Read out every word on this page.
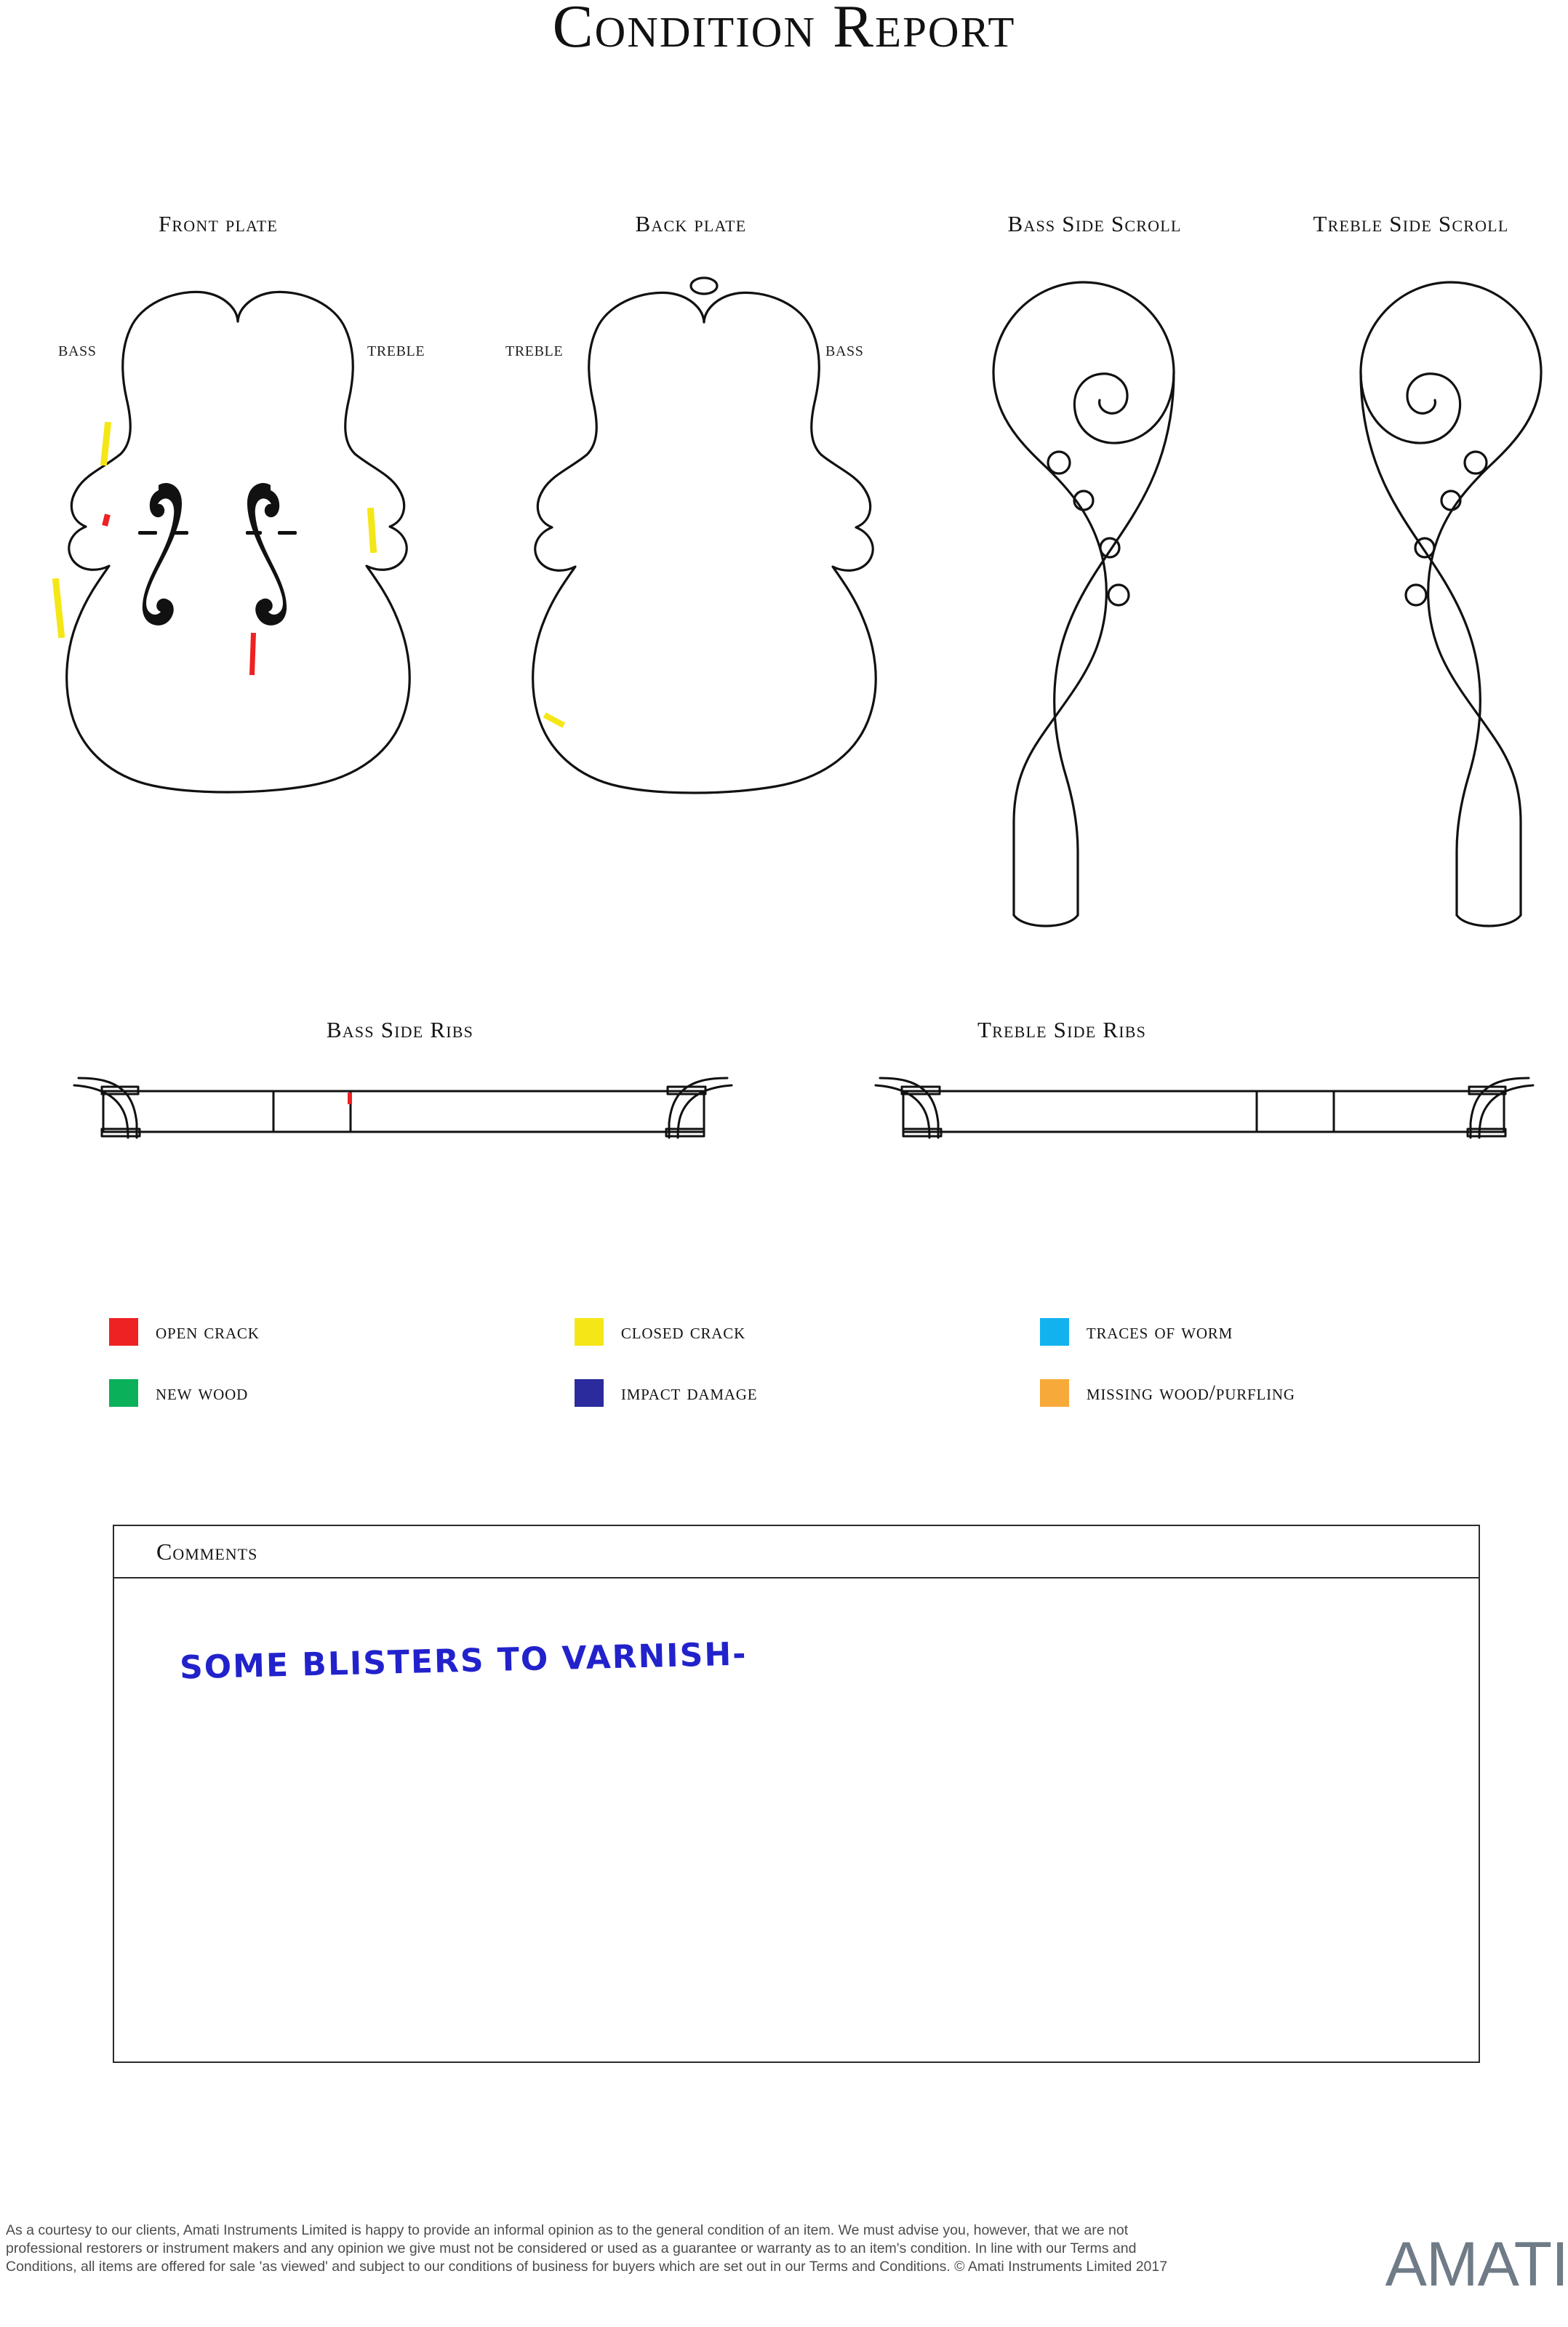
Condition Report
Front plate	Back plate	Bass Side Scroll	Treble Side Scroll
BASS	TREBLE	TREBLE	BASS
Bass Side Ribs	Treble Side Ribs
open crack	closed crack	traces of worm
new wood	impact damage	missing wood/purfling
Comments
SOME BLISTERS TO VARNISH-
As a courtesy to our clients, Amati Instruments Limited is happy to provide an informal opinion as to the general condition of an item. We must advise you, however, that we are not professional restorers or instrument makers and any opinion we give must not be considered or used as a guarantee or warranty as to an item's condition. In line with our Terms and Conditions, all items are offered for sale 'as viewed' and subject to our conditions of business for buyers which are set out in our Terms and Conditions. © Amati Instruments Limited 2017	AMATI
